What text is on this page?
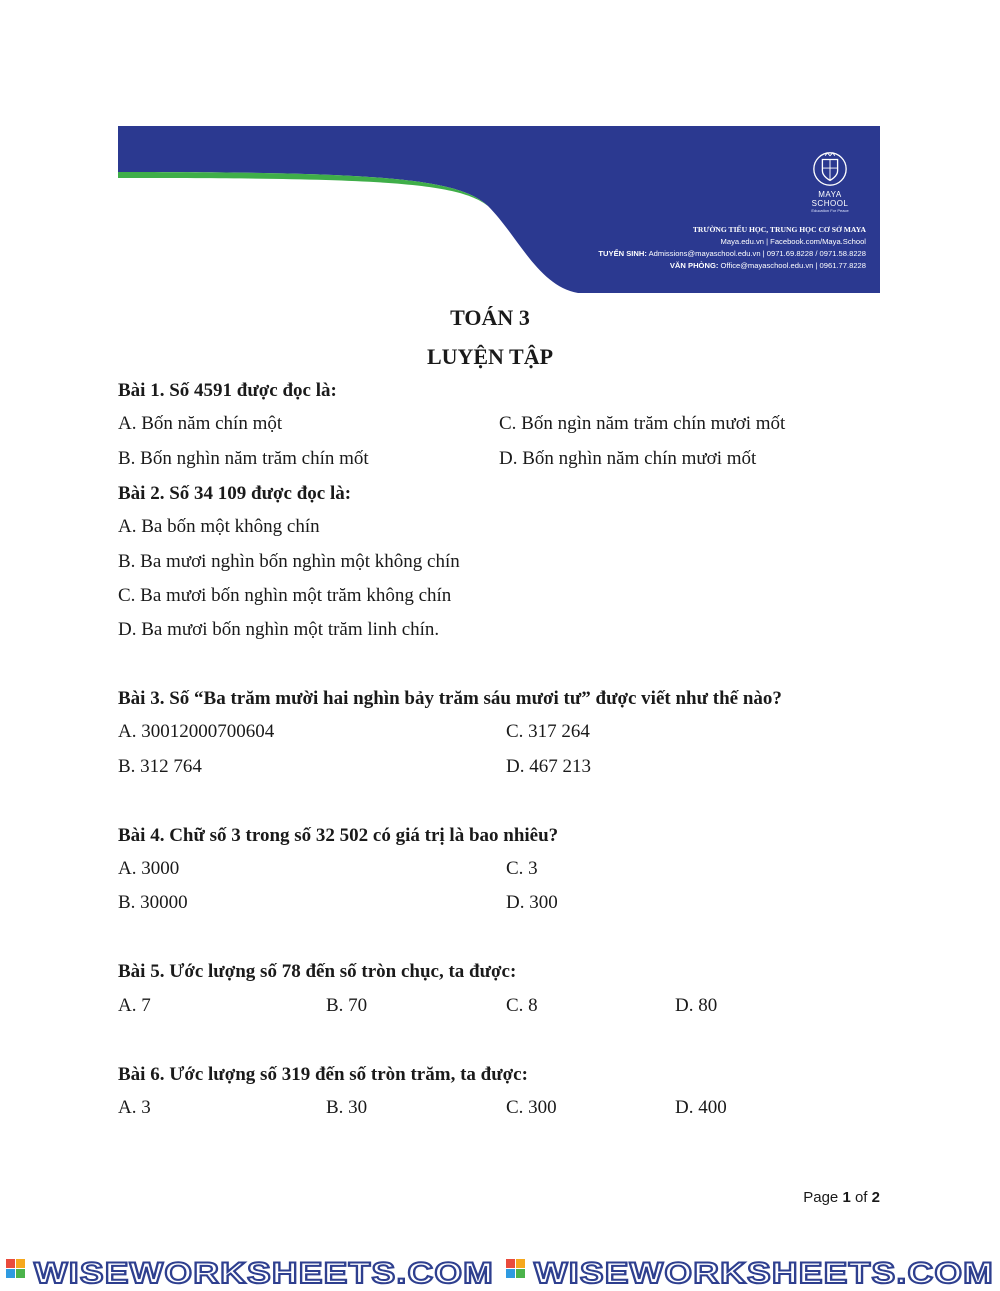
MAYA SCHOOL
Education For Peace
TRƯỜNG TIỂU HỌC, TRUNG HỌC CƠ SỞ MAYA
Maya.edu.vn | Facebook.com/Maya.School
TUYỂN SINH: Admissions@mayaschool.edu.vn | 0971.69.8228 / 0971.58.8228
VĂN PHÒNG: Office@mayaschool.edu.vn | 0961.77.8228
TOÁN 3
LUYỆN TẬP
Bài 1. Số 4591 được đọc là:
A. Bốn năm chín một	C. Bốn ngìn năm trăm chín mươi mốt
B. Bốn nghìn năm trăm chín mốt	D. Bốn nghìn năm chín mươi mốt
Bài 2. Số 34 109 được đọc là:
A. Ba bốn một không chín
B. Ba mươi nghìn bốn nghìn một không chín
C. Ba mươi bốn nghìn một trăm không chín
D. Ba mươi bốn nghìn một trăm linh chín.
Bài 3. Số “Ba trăm mười hai nghìn bảy trăm sáu mươi tư” được viết như thế nào?
A. 30012000700604	C. 317 264
B. 312 764	D. 467 213
Bài 4. Chữ số 3 trong số 32 502 có giá trị là bao nhiêu?
A. 3000	C. 3
B. 30000	D. 300
Bài 5. Ước lượng số 78 đến số tròn chục, ta được:
A. 7	B. 70	C. 8	D. 80
Bài 6. Ước lượng số 319 đến số tròn trăm, ta được:
A. 3	B. 30	C. 300	D. 400
Page 1 of 2
WISEWORKSHEETS.COM WISEWORKSHEETS.COM
